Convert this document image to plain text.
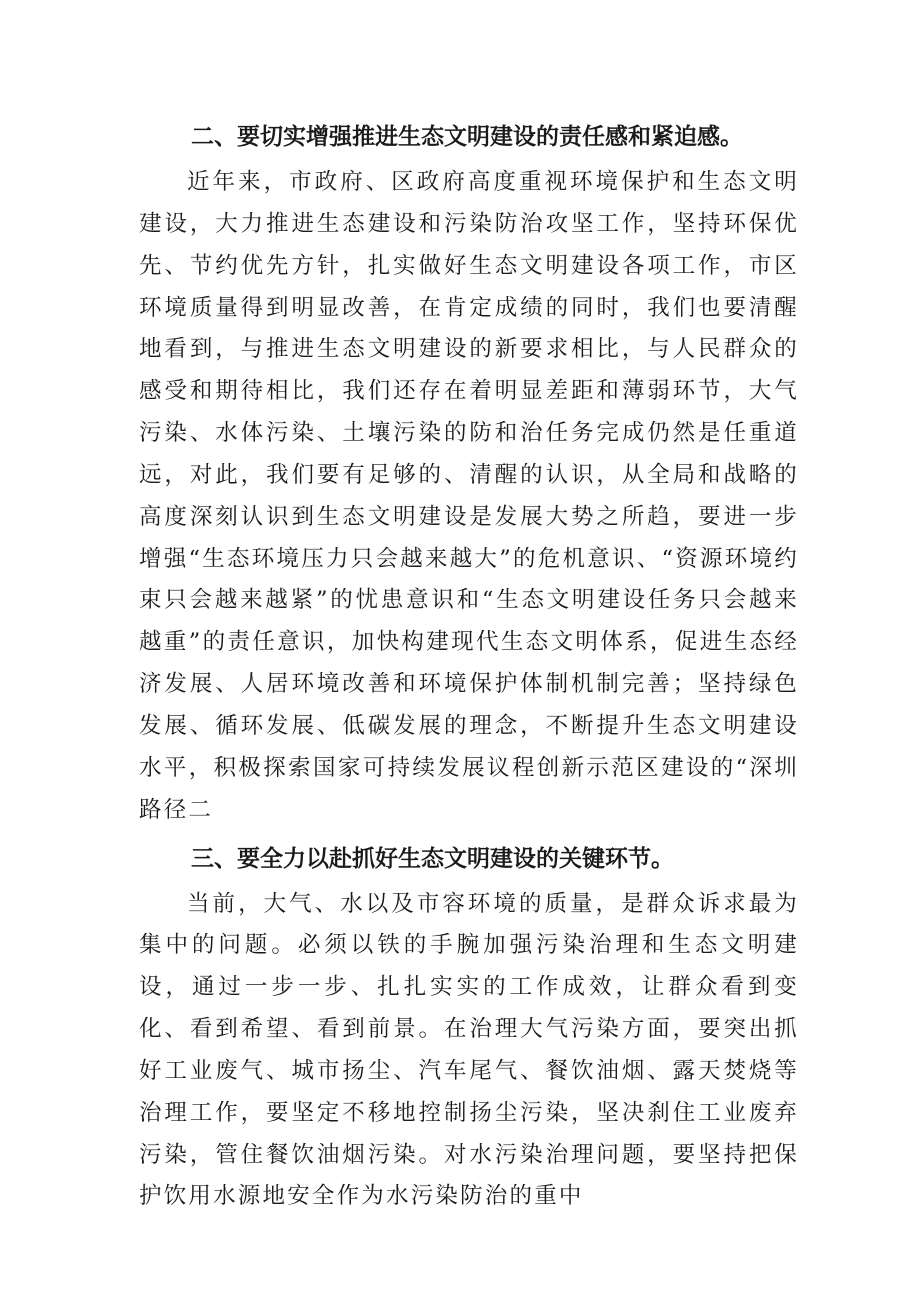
二、要切实增强推进生态文明建设的责任感和紧迫感。

近年来，市政府、区政府高度重视环境保护和生态文明建设，大力推进生态建设和污染防治攻坚工作，坚持环保优先、节约优先方针，扎实做好生态文明建设各项工作，市区环境质量得到明显改善，在肯定成绩的同时，我们也要清醒地看到，与推进生态文明建设的新要求相比，与人民群众的感受和期待相比，我们还存在着明显差距和薄弱环节，大气污染、水体污染、土壤污染的防和治任务完成仍然是任重道远，对此，我们要有足够的、清醒的认识，从全局和战略的高度深刻认识到生态文明建设是发展大势之所趋，要进一步增强“生态环境压力只会越来越大”的危机意识、“资源环境约束只会越来越紧”的忧患意识和“生态文明建设任务只会越来越重”的责任意识，加快构建现代生态文明体系，促进生态经济发展、人居环境改善和环境保护体制机制完善；坚持绿色发展、循环发展、低碳发展的理念，不断提升生态文明建设水平，积极探索国家可持续发展议程创新示范区建设的“深圳路径二

三、要全力以赴抓好生态文明建设的关键环节。

当前，大气、水以及市容环境的质量，是群众诉求最为集中的问题。必须以铁的手腕加强污染治理和生态文明建设，通过一步一步、扎扎实实的工作成效，让群众看到变化、看到希望、看到前景。在治理大气污染方面，要突出抓好工业废气、城市扬尘、汽车尾气、餐饮油烟、露天焚烧等治理工作，要坚定不移地控制扬尘污染，坚决刹住工业废弃污染，管住餐饮油烟污染。对水污染治理问题，要坚持把保护饮用水源地安全作为水污染防治的重中
